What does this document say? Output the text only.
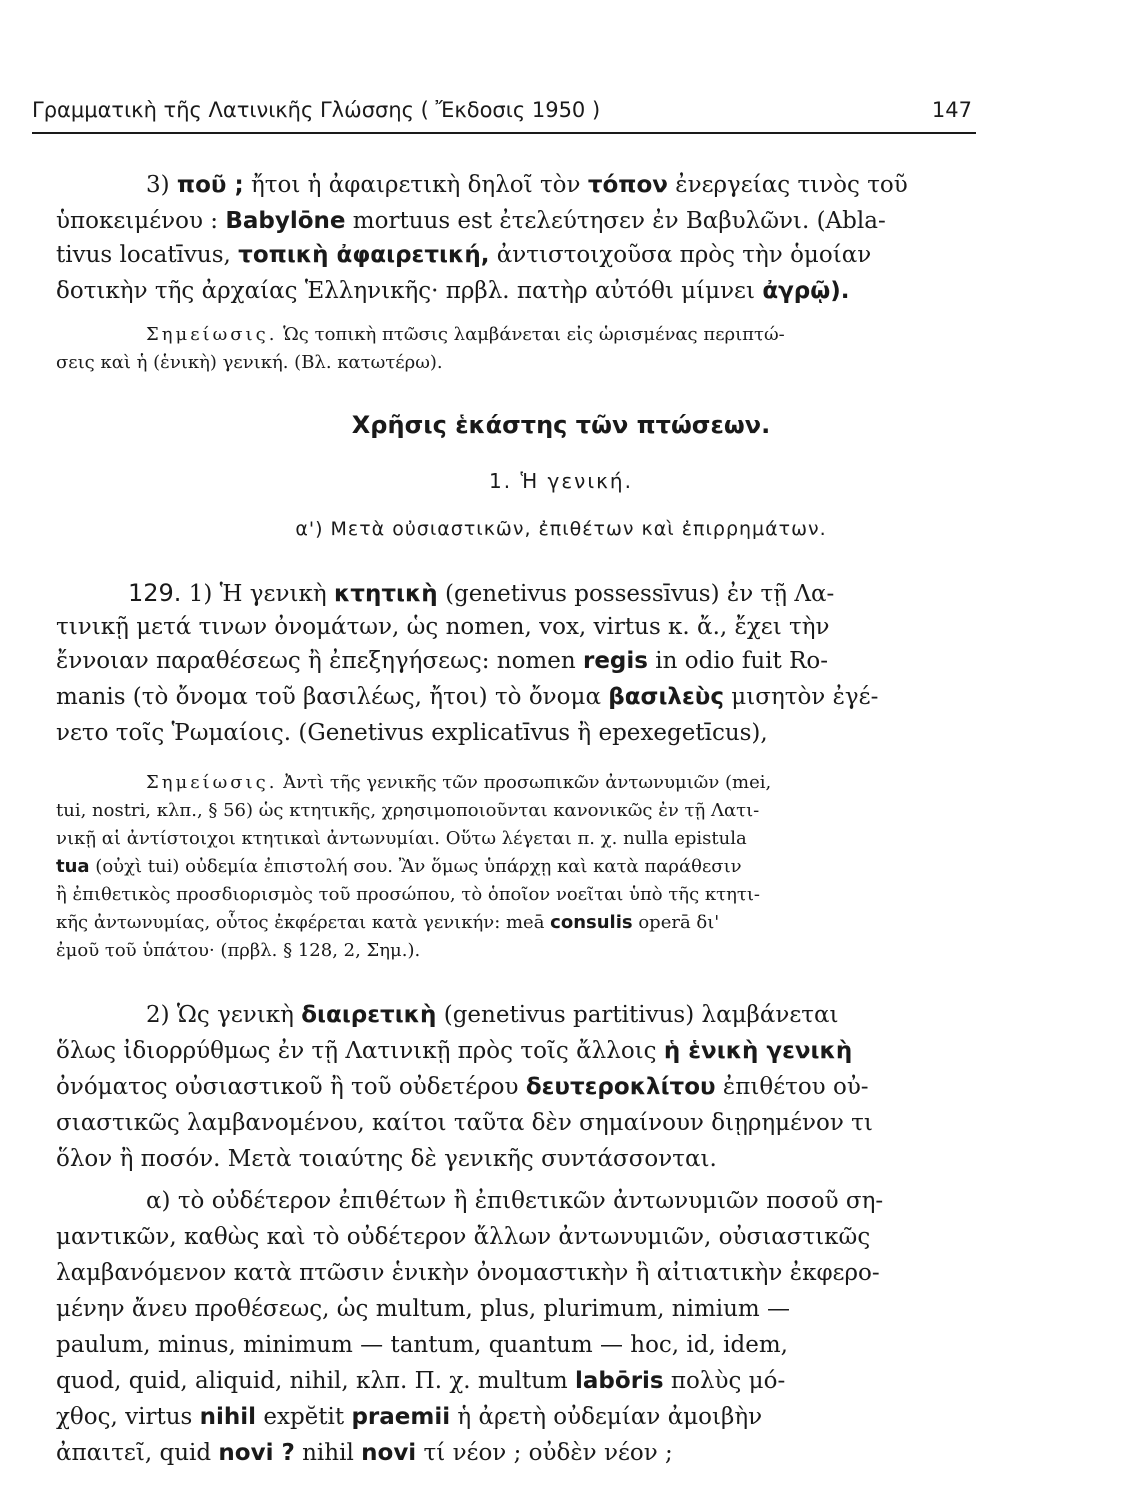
Γραμματικὴ τῆς Λατινικῆς Γλώσσης ( Ἔκδοσις 1950 )	147
3) ποῦ ; ἤτοι ἡ ἀφαιρετικὴ δηλοῖ τὸν τόπον ἐνεργείας τινὸς τοῦ
ὑποκειμένου : Babylōne mortuus est ἐτελεύτησεν ἐν Βαβυλῶνι. (Abla-
tivus locatīvus, τοπικὴ ἀφαιρετική, ἀντιστοιχοῦσα πρὸς τὴν ὁμοίαν
δοτικὴν τῆς ἀρχαίας Ἑλληνικῆς· πρβλ. πατὴρ αὐτόθι μίμνει ἀγρῷ).
Σημείωσις. Ὡς τοπικὴ πτῶσις λαμβάνεται εἰς ὡρισμένας περιπτώ-
σεις καὶ ἡ (ἑνικὴ) γενική. (Βλ. κατωτέρω).
Χρῆσις ἑκάστης τῶν πτώσεων.
1. Ἡ γενική.
α') Μετὰ οὐσιαστικῶν, ἐπιθέτων καὶ ἐπιρρημάτων.
129. 1) Ἡ γενικὴ κτητικὴ (genetivus possessīvus) ἐν τῇ Λα-
τινικῇ μετά τινων ὀνομάτων, ὡς nomen, vox, virtus κ. ἄ., ἔχει τὴν
ἔννοιαν παραθέσεως ἢ ἐπεξηγήσεως: nomen regis in odio fuit Ro-
manis (τὸ ὄνομα τοῦ βασιλέως, ἤτοι) τὸ ὄνομα βασιλεὺς μισητὸν ἐγέ-
νετο τοῖς Ῥωμαίοις. (Genetivus explicatīvus ἢ epexegetīcus),
Σημείωσις. Ἀντὶ τῆς γενικῆς τῶν προσωπικῶν ἀντωνυμιῶν (mei,
tui, nostri, κλπ., § 56) ὡς κτητικῆς, χρησιμοποιοῦνται κανονικῶς ἐν τῇ Λατι-
νικῇ αἱ ἀντίστοιχοι κτητικαὶ ἀντωνυμίαι. Οὕτω λέγεται π. χ. nulla epistula
tua (οὐχὶ tui) οὐδεμία ἐπιστολή σου. Ἂν ὅμως ὑπάρχῃ καὶ κατὰ παράθεσιν
ἢ ἐπιθετικὸς προσδιορισμὸς τοῦ προσώπου, τὸ ὁποῖον νοεῖται ὑπὸ τῆς κτητι-
κῆς ἀντωνυμίας, οὗτος ἐκφέρεται κατὰ γενικήν: meā consulis operā δι'
ἐμοῦ τοῦ ὑπάτου· (πρβλ. § 128, 2, Σημ.).
2) Ὡς γενικὴ διαιρετικὴ (genetivus partitivus) λαμβάνεται
ὅλως ἰδιορρύθμως ἐν τῇ Λατινικῇ πρὸς τοῖς ἄλλοις ἡ ἑνικὴ γενικὴ
ὀνόματος οὐσιαστικοῦ ἢ τοῦ οὐδετέρου δευτεροκλίτου ἐπιθέτου οὐ-
σιαστικῶς λαμβανομένου, καίτοι ταῦτα δὲν σημαίνουν διῃρημένον τι
ὅλον ἢ ποσόν. Μετὰ τοιαύτης δὲ γενικῆς συντάσσονται.
α) τὸ οὐδέτερον ἐπιθέτων ἢ ἐπιθετικῶν ἀντωνυμιῶν ποσοῦ ση-
μαντικῶν, καθὼς καὶ τὸ οὐδέτερον ἄλλων ἀντωνυμιῶν, οὐσιαστικῶς
λαμβανόμενον κατὰ πτῶσιν ἑνικὴν ὀνομαστικὴν ἢ αἰτιατικὴν ἐκφερο-
μένην ἄνευ προθέσεως, ὡς multum, plus, plurimum, nimium —
paulum, minus, minimum — tantum, quantum — hoc, id, idem,
quod, quid, aliquid, nihil, κλπ. Π. χ. multum labōris πολὺς μό-
χθος, virtus nihil expĕtit praemii ἡ ἀρετὴ οὐδεμίαν ἀμοιβὴν
ἀπαιτεῖ, quid novi ? nihil novi τί νέον ; οὐδὲν νέον ;
